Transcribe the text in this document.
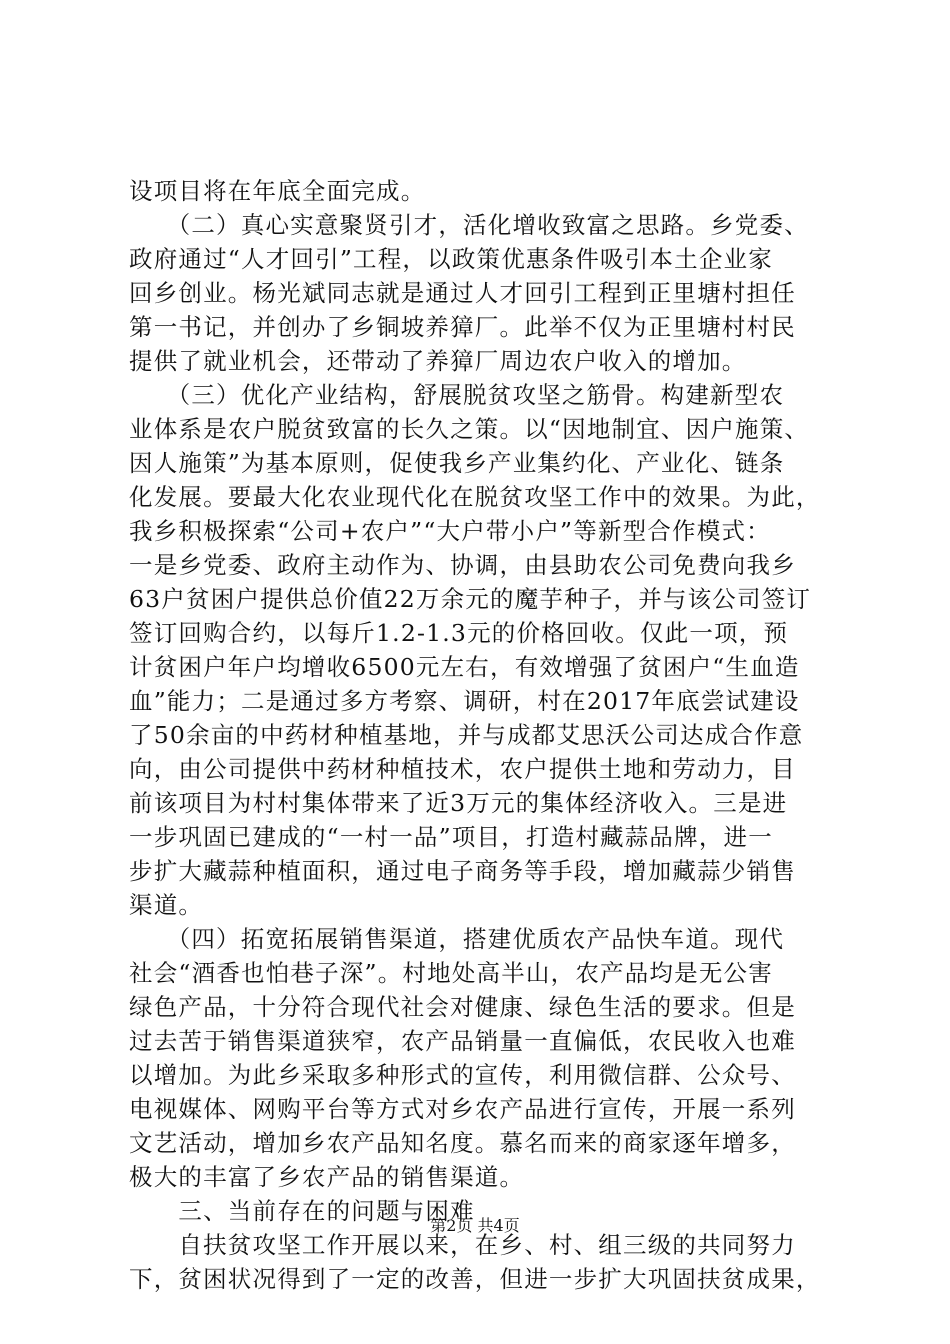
设项目将在年底全面完成。
　　（二）真心实意聚贤引才，活化增收致富之思路。乡党委、
政府通过“人才回引”工程，以政策优惠条件吸引本土企业家
回乡创业。杨光斌同志就是通过人才回引工程到正里塘村担任
第一书记，并创办了乡铜坡养獐厂。此举不仅为正里塘村村民
提供了就业机会，还带动了养獐厂周边农户收入的增加。
　　（三）优化产业结构，舒展脱贫攻坚之筋骨。构建新型农
业体系是农户脱贫致富的长久之策。以“因地制宜、因户施策、
因人施策”为基本原则，促使我乡产业集约化、产业化、链条
化发展。要最大化农业现代化在脱贫攻坚工作中的效果。为此，
我乡积极探索“公司+农户”“大户带小户”等新型合作模式：
一是乡党委、政府主动作为、协调，由县助农公司免费向我乡
63户贫困户提供总价值22万余元的魔芋种子，并与该公司签订
签订回购合约，以每斤1.2-1.3元的价格回收。仅此一项，预
计贫困户年户均增收6500元左右，有效增强了贫困户“生血造
血”能力；二是通过多方考察、调研，村在2017年底尝试建设
了50余亩的中药材种植基地，并与成都艾思沃公司达成合作意
向，由公司提供中药材种植技术，农户提供土地和劳动力，目
前该项目为村村集体带来了近3万元的集体经济收入。三是进
一步巩固已建成的“一村一品”项目，打造村藏蒜品牌，进一
步扩大藏蒜种植面积，通过电子商务等手段，增加藏蒜少销售
渠道。
　　（四）拓宽拓展销售渠道，搭建优质农产品快车道。现代
社会“酒香也怕巷子深”。村地处高半山，农产品均是无公害
绿色产品，十分符合现代社会对健康、绿色生活的要求。但是
过去苦于销售渠道狭窄，农产品销量一直偏低，农民收入也难
以增加。为此乡采取多种形式的宣传，利用微信群、公众号、
电视媒体、网购平台等方式对乡农产品进行宣传，开展一系列
文艺活动，增加乡农产品知名度。慕名而来的商家逐年增多，
极大的丰富了乡农产品的销售渠道。
　　三、当前存在的问题与困难
　　自扶贫攻坚工作开展以来，在乡、村、组三级的共同努力
下，贫困状况得到了一定的改善，但进一步扩大巩固扶贫成果，
第2页 共4页
